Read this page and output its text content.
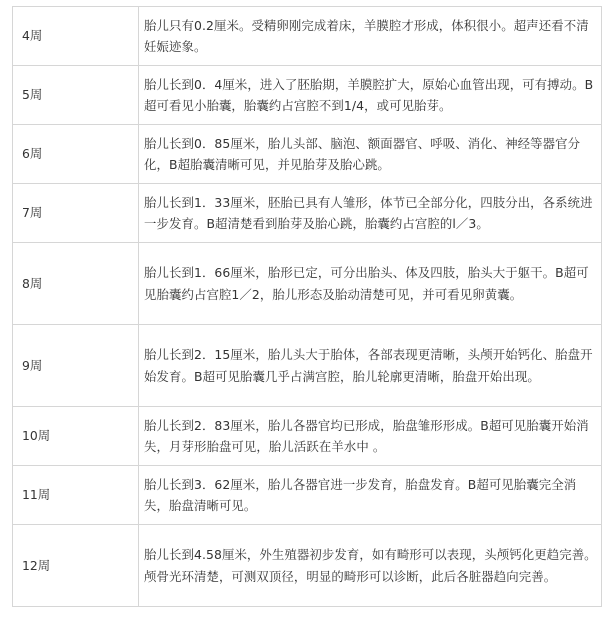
4周	胎儿只有0.2厘米。受精卵刚完成着床，羊膜腔才形成，体积很小。超声还看不清妊娠迹象。
5周	胎儿长到0．4厘米，进入了胚胎期，羊膜腔扩大，原始心血管出现，可有搏动。B超可看见小胎囊，胎囊约占宫腔不到1/4，或可见胎芽。
6周	胎儿长到0．85厘米，胎儿头部、脑泡、额面器官、呼吸、消化、神经等器官分化，B超胎囊清晰可见，并见胎芽及胎心跳。
7周	胎儿长到1．33厘米，胚胎已具有人雏形，体节已全部分化，四肢分出，各系统进一步发育。B超清楚看到胎芽及胎心跳，胎囊约占宫腔的l／3。
8周	胎儿长到1．66厘米，胎形已定，可分出胎头、体及四肢，胎头大于躯干。B超可见胎囊约占宫腔1／2，胎儿形态及胎动清楚可见，并可看见卵黄囊。
9周	胎儿长到2．15厘米，胎儿头大于胎体，各部表现更清晰，头颅开始钙化、胎盘开始发育。B超可见胎囊几乎占满宫腔，胎儿轮廓更清晰，胎盘开始出现。
10周	胎儿长到2．83厘米，胎儿各器官均已形成，胎盘雏形形成。B超可见胎囊开始消失，月芽形胎盘可见，胎儿活跃在羊水中 。
11周	胎儿长到3．62厘米，胎儿各器官进一步发育，胎盘发育。B超可见胎囊完全消失，胎盘清晰可见。
12周	胎儿长到4.58厘米，外生殖器初步发育，如有畸形可以表现，头颅钙化更趋完善。颅骨光环清楚，可测双顶径，明显的畸形可以诊断，此后各脏器趋向完善。
